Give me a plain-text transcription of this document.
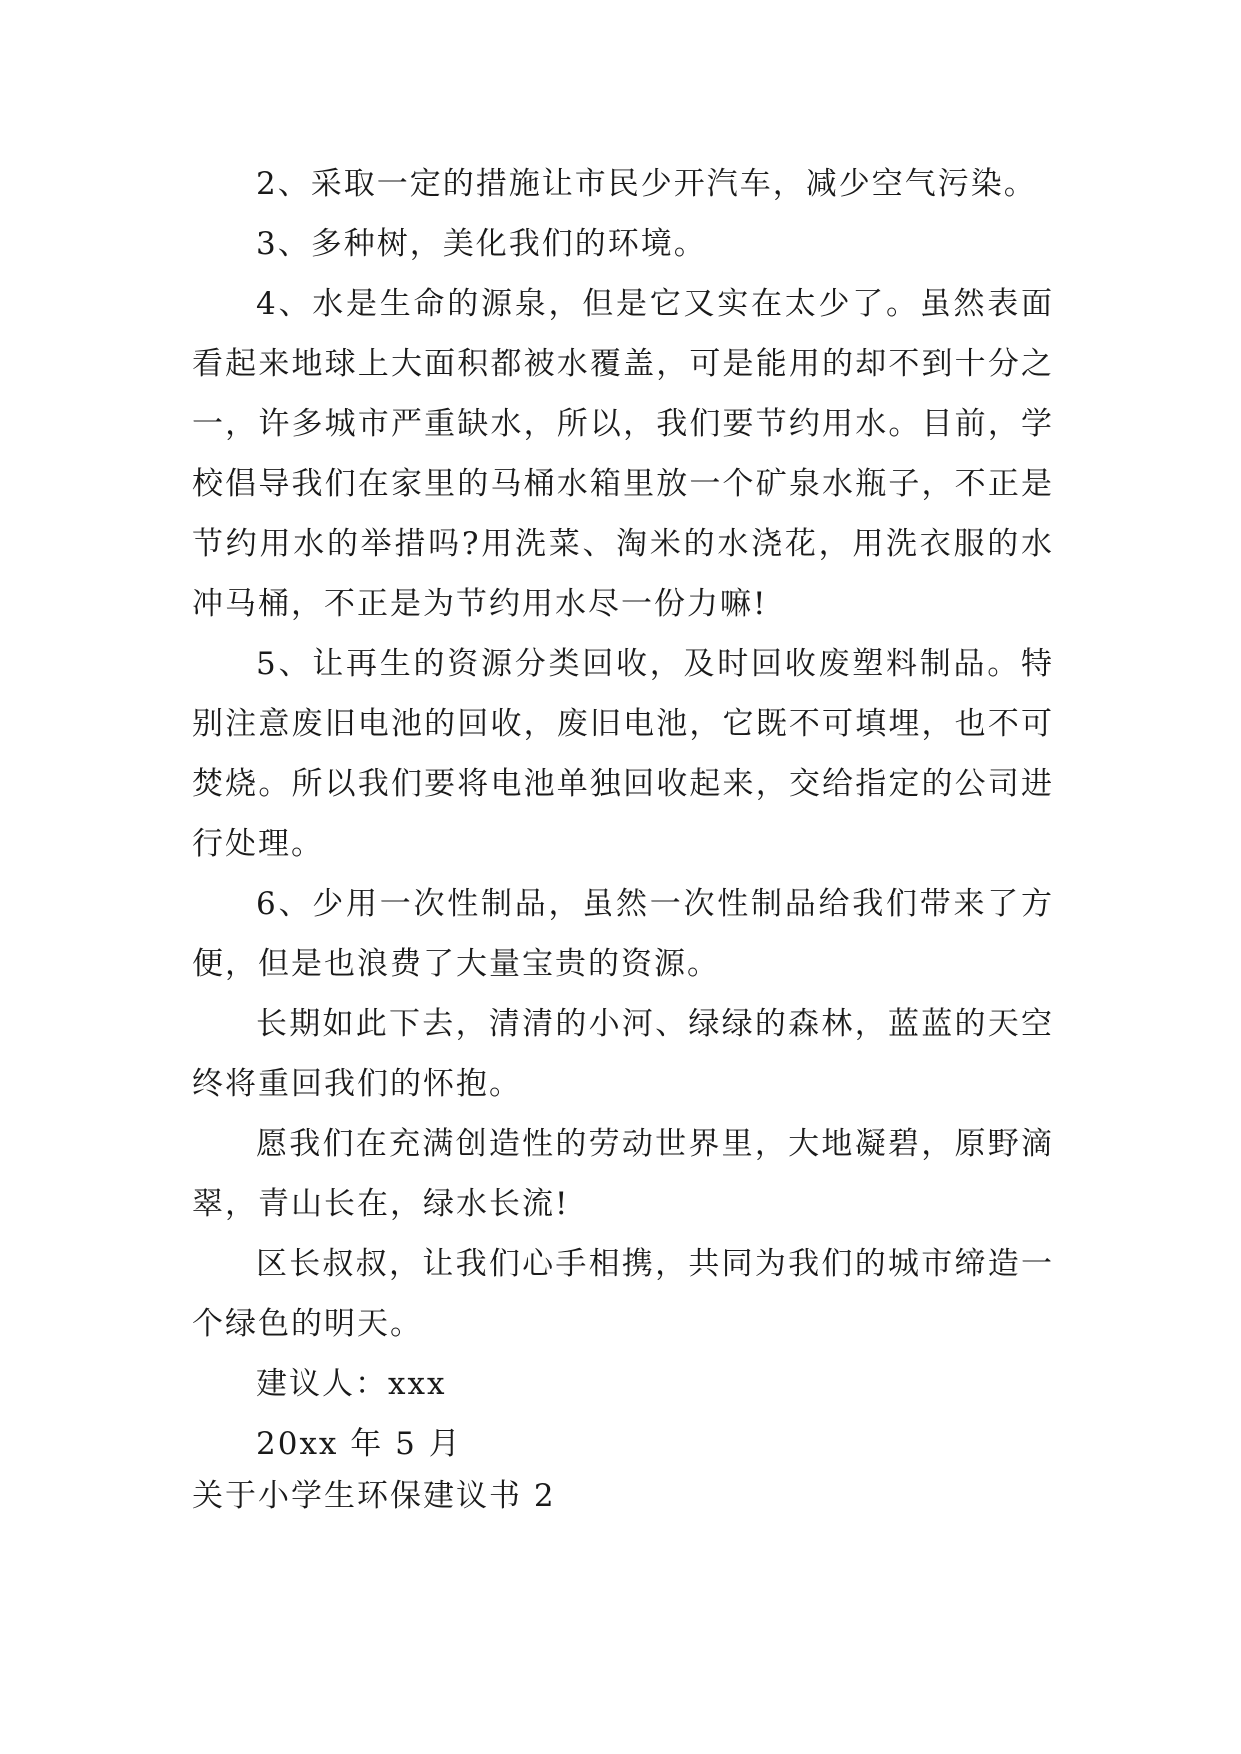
2、采取一定的措施让市民少开汽车，减少空气污染。

3、多种树，美化我们的环境。

4、水是生命的源泉，但是它又实在太少了。虽然表面看起来地球上大面积都被水覆盖，可是能用的却不到十分之一，许多城市严重缺水，所以，我们要节约用水。目前，学校倡导我们在家里的马桶水箱里放一个矿泉水瓶子，不正是节约用水的举措吗?用洗菜、淘米的水浇花，用洗衣服的水冲马桶，不正是为节约用水尽一份力嘛!

5、让再生的资源分类回收，及时回收废塑料制品。特别注意废旧电池的回收，废旧电池，它既不可填埋，也不可焚烧。所以我们要将电池单独回收起来，交给指定的公司进行处理。

6、少用一次性制品，虽然一次性制品给我们带来了方便，但是也浪费了大量宝贵的资源。

长期如此下去，清清的小河、绿绿的森林，蓝蓝的天空终将重回我们的怀抱。

愿我们在充满创造性的劳动世界里，大地凝碧，原野滴翠，青山长在，绿水长流!

区长叔叔，让我们心手相携，共同为我们的城市缔造一个绿色的明天。

建议人：xxx

20xx 年 5 月

关于小学生环保建议书 2
